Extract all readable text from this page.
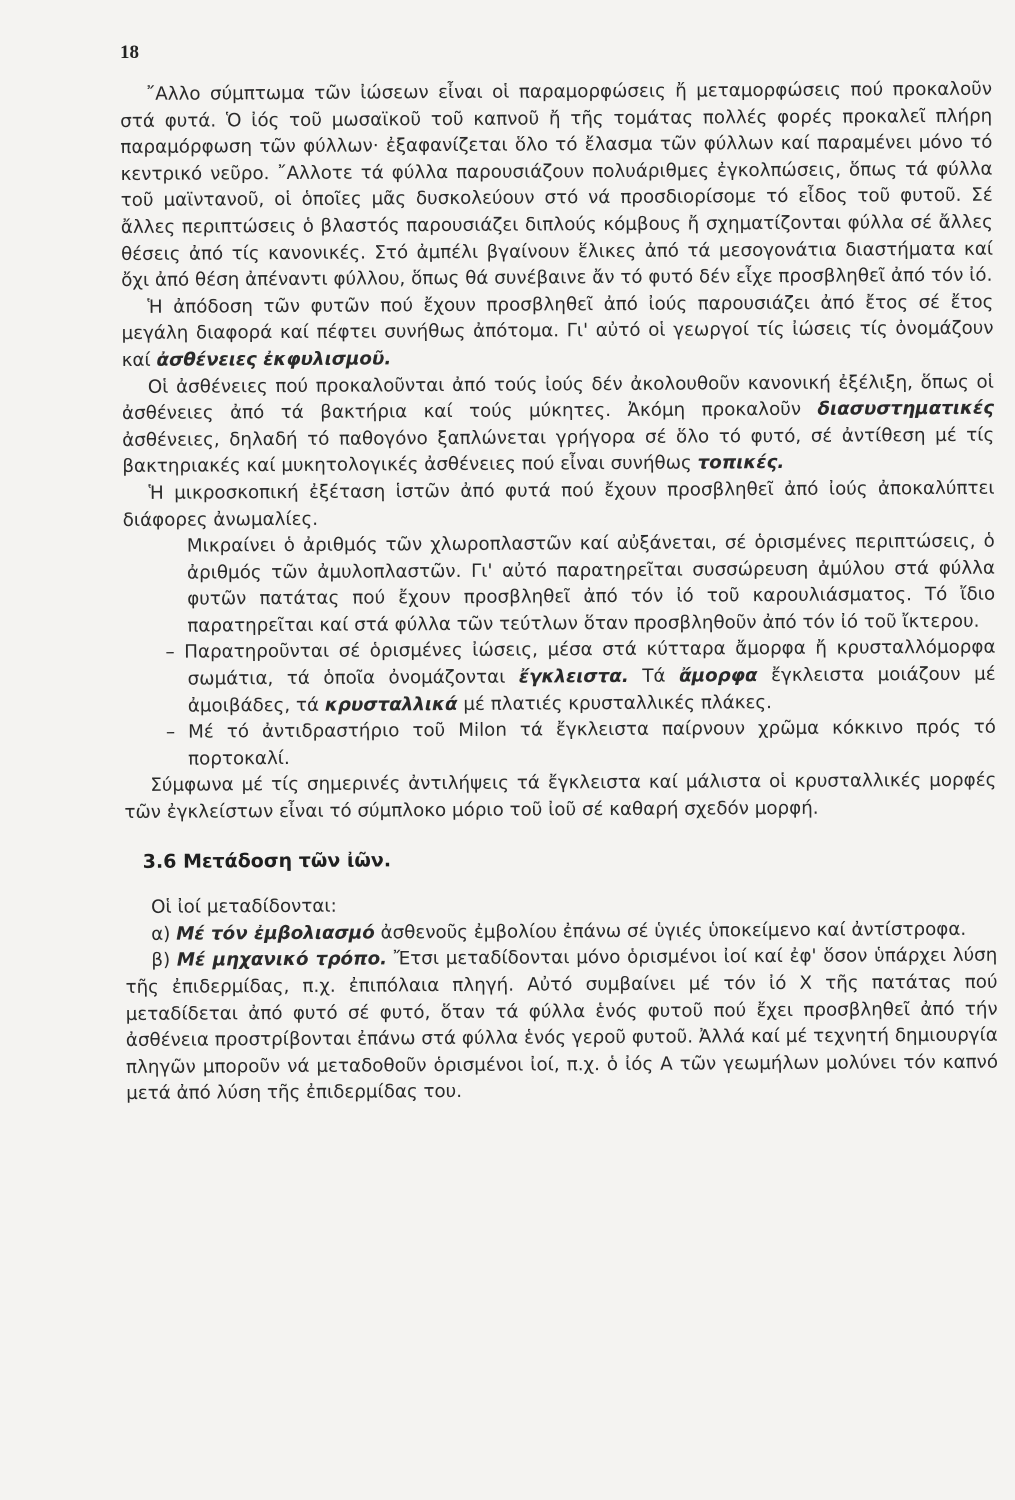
18

῎Αλλο σύμπτωμα τῶν ἰώσεων εἶναι οἱ παραμορφώσεις ἤ μεταμορφώσεις πού προκαλοῦν στά φυτά. Ὁ ἰός τοῦ μωσαϊκοῦ τοῦ καπνοῦ ἤ τῆς τομάτας πολλές φορές προκαλεῖ πλήρη παραμόρφωση τῶν φύλλων· ἐξαφανίζεται ὅλο τό ἔλασμα τῶν φύλλων καί παραμένει μόνο τό κεντρικό νεῦρο. ῎Αλλοτε τά φύλλα παρουσιάζουν πολυάριθμες ἐγκολπώσεις, ὅπως τά φύλλα τοῦ μαϊντανοῦ, οἱ ὁποῖες μᾶς δυσκολεύουν στό νά προσδιορίσομε τό εἶδος τοῦ φυτοῦ. Σέ ἄλλες περιπτώσεις ὁ βλαστός παρουσιάζει διπλούς κόμβους ἤ σχηματίζονται φύλλα σέ ἄλλες θέσεις ἀπό τίς κανονικές. Στό ἀμπέλι βγαίνουν ἕλικες ἀπό τά μεσογονάτια διαστήματα καί ὄχι ἀπό θέση ἀπέναντι φύλλου, ὅπως θά συνέβαινε ἄν τό φυτό δέν εἶχε προσβληθεῖ ἀπό τόν ἰό.

Ἡ ἀπόδοση τῶν φυτῶν πού ἔχουν προσβληθεῖ ἀπό ἰούς παρουσιάζει ἀπό ἔτος σέ ἔτος μεγάλη διαφορά καί πέφτει συνήθως ἀπότομα. Γι' αὐτό οἱ γεωργοί τίς ἰώσεις τίς ὀνομάζουν καί ἀσθένειες ἐκφυλισμοῦ.

Οἱ ἀσθένειες πού προκαλοῦνται ἀπό τούς ἰούς δέν ἀκολουθοῦν κανονική ἐξέλιξη, ὅπως οἱ ἀσθένειες ἀπό τά βακτήρια καί τούς μύκητες. Ἀκόμη προκαλοῦν διασυστηματικές ἀσθένειες, δηλαδή τό παθογόνο ξαπλώνεται γρήγορα σέ ὅλο τό φυτό, σέ ἀντίθεση μέ τίς βακτηριακές καί μυκητολογικές ἀσθένειες πού εἶναι συνήθως τοπικές.

Ἡ μικροσκοπική ἐξέταση ἱστῶν ἀπό φυτά πού ἔχουν προσβληθεῖ ἀπό ἰούς ἀποκαλύπτει διάφορες ἀνωμαλίες.

Μικραίνει ὁ ἀριθμός τῶν χλωροπλαστῶν καί αὐξάνεται, σέ ὁρισμένες περιπτώσεις, ὁ ἀριθμός τῶν ἀμυλοπλαστῶν. Γι' αὐτό παρατηρεῖται συσσώρευση ἀμύλου στά φύλλα φυτῶν πατάτας πού ἔχουν προσβληθεῖ ἀπό τόν ἰό τοῦ καρουλιάσματος. Τό ἴδιο παρατηρεῖται καί στά φύλλα τῶν τεύτλων ὅταν προσβληθοῦν ἀπό τόν ἰό τοῦ ἴκτερου.

– Παρατηροῦνται σέ ὁρισμένες ἰώσεις, μέσα στά κύτταρα ἄμορφα ἤ κρυσταλλόμορφα σωμάτια, τά ὁποῖα ὀνομάζονται ἔγκλειστα. Τά ἄμορφα ἔγκλειστα μοιάζουν μέ ἀμοιβάδες, τά κρυσταλλικά μέ πλατιές κρυσταλλικές πλάκες.

– Μέ τό ἀντιδραστήριο τοῦ Milon τά ἔγκλειστα παίρνουν χρῶμα κόκκινο πρός τό πορτοκαλί.

Σύμφωνα μέ τίς σημερινές ἀντιλήψεις τά ἔγκλειστα καί μάλιστα οἱ κρυσταλλικές μορφές τῶν ἐγκλείστων εἶναι τό σύμπλοκο μόριο τοῦ ἰοῦ σέ καθαρή σχεδόν μορφή.

3.6 Μετάδοση τῶν ἰῶν.

Οἱ ἰοί μεταδίδονται:

α) Μέ τόν ἐμβολιασμό ἀσθενοῦς ἐμβολίου ἐπάνω σέ ὑγιές ὑποκείμενο καί ἀντίστροφα.

β) Μέ μηχανικό τρόπο. Ἔτσι μεταδίδονται μόνο ὁρισμένοι ἰοί καί ἐφ' ὅσον ὑπάρχει λύση τῆς ἐπιδερμίδας, π.χ. ἐπιπόλαια πληγή. Αὐτό συμβαίνει μέ τόν ἰό Χ τῆς πατάτας πού μεταδίδεται ἀπό φυτό σέ φυτό, ὅταν τά φύλλα ἑνός φυτοῦ πού ἔχει προσβληθεῖ ἀπό τήν ἀσθένεια προστρίβονται ἐπάνω στά φύλλα ἑνός γεροῦ φυτοῦ. Ἀλλά καί μέ τεχνητή δημιουργία πληγῶν μποροῦν νά μεταδοθοῦν ὁρισμένοι ἰοί, π.χ. ὁ ἰός Α τῶν γεωμήλων μολύνει τόν καπνό μετά ἀπό λύση τῆς ἐπιδερμίδας του.
